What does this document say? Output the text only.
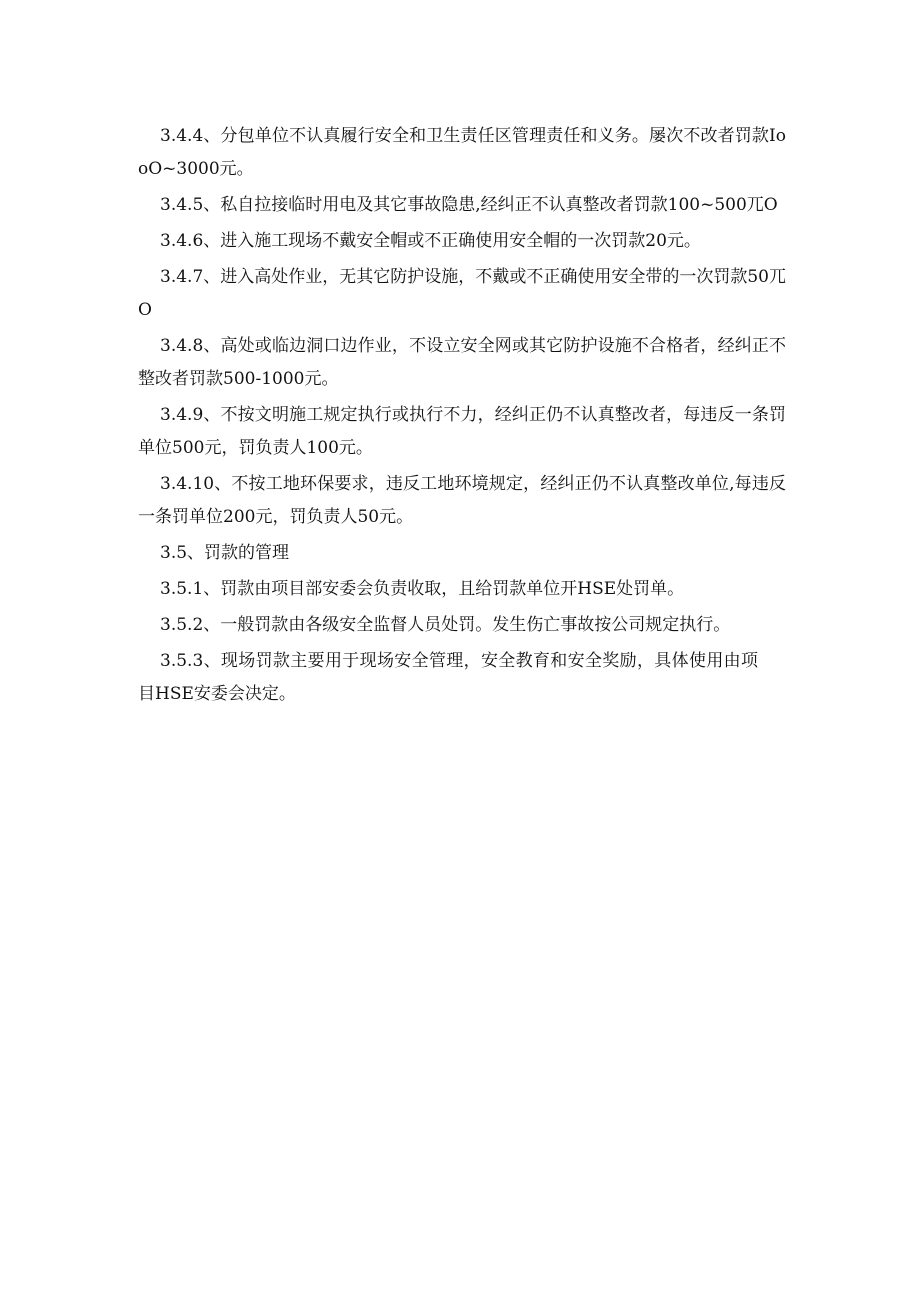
3.4.4、分包单位不认真履行安全和卫生责任区管理责任和义务。屡次不改者罚款IooO~3000元。

3.4.5、私自拉接临时用电及其它事故隐患,经纠正不认真整改者罚款100~500兀O

3.4.6、进入施工现场不戴安全帽或不正确使用安全帽的一次罚款20元。

3.4.7、进入高处作业，无其它防护设施，不戴或不正确使用安全带的一次罚款50兀O

3.4.8、高处或临边洞口边作业，不设立安全网或其它防护设施不合格者，经纠正不整改者罚款500-1000元。

3.4.9、不按文明施工规定执行或执行不力，经纠正仍不认真整改者，每违反一条罚单位500元，罚负责人100元。

3.4.10、不按工地环保要求，违反工地环境规定，经纠正仍不认真整改单位,每违反一条罚单位200元，罚负责人50元。

3.5、罚款的管理

3.5.1、罚款由项目部安委会负责收取，且给罚款单位开HSE处罚单。

3.5.2、一般罚款由各级安全监督人员处罚。发生伤亡事故按公司规定执行。

3.5.3、现场罚款主要用于现场安全管理，安全教育和安全奖励，具体使用由项目HSE安委会决定。
